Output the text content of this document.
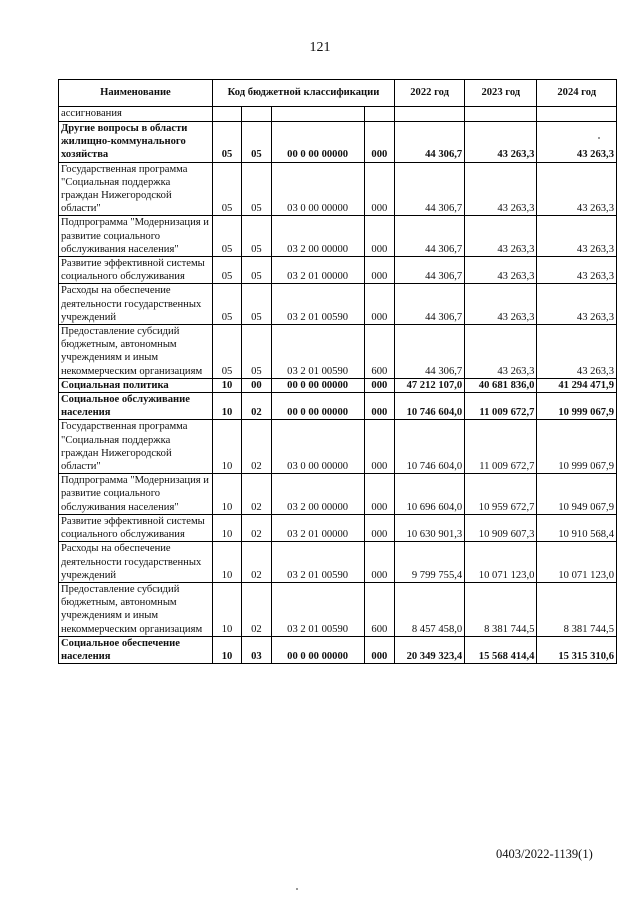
121
Наименование	Код бюджетной классификации				2022 год	2023 год	2024 год
ассигнования							
Другие вопросы в области жилищно-коммунального хозяйства	05	05	00 0 00 00000	000	44 306,7	43 263,3	43 263,3
Государственная программа "Социальная поддержка граждан Нижегородской области"	05	05	03 0 00 00000	000	44 306,7	43 263,3	43 263,3
Подпрограмма "Модернизация и развитие социального обслуживания населения"	05	05	03 2 00 00000	000	44 306,7	43 263,3	43 263,3
Развитие эффективной системы социального обслуживания	05	05	03 2 01 00000	000	44 306,7	43 263,3	43 263,3
Расходы на обеспечение деятельности государственных учреждений	05	05	03 2 01 00590	000	44 306,7	43 263,3	43 263,3
Предоставление субсидий бюджетным, автономным учреждениям и иным некоммерческим организациям	05	05	03 2 01 00590	600	44 306,7	43 263,3	43 263,3
Социальная политика	10	00	00 0 00 00000	000	47 212 107,0	40 681 836,0	41 294 471,9
Социальное обслуживание населения	10	02	00 0 00 00000	000	10 746 604,0	11 009 672,7	10 999 067,9
Государственная программа "Социальная поддержка граждан Нижегородской области"	10	02	03 0 00 00000	000	10 746 604,0	11 009 672,7	10 999 067,9
Подпрограмма "Модернизация и развитие социального обслуживания населения"	10	02	03 2 00 00000	000	10 696 604,0	10 959 672,7	10 949 067,9
Развитие эффективной системы социального обслуживания	10	02	03 2 01 00000	000	10 630 901,3	10 909 607,3	10 910 568,4
Расходы на обеспечение деятельности государственных учреждений	10	02	03 2 01 00590	000	9 799 755,4	10 071 123,0	10 071 123,0
Предоставление субсидий бюджетным, автономным учреждениям и иным некоммерческим организациям	10	02	03 2 01 00590	600	8 457 458,0	8 381 744,5	8 381 744,5
Социальное обеспечение населения	10	03	00 0 00 00000	000	20 349 323,4	15 568 414,4	15 315 310,6
0403/2022-1139(1)
